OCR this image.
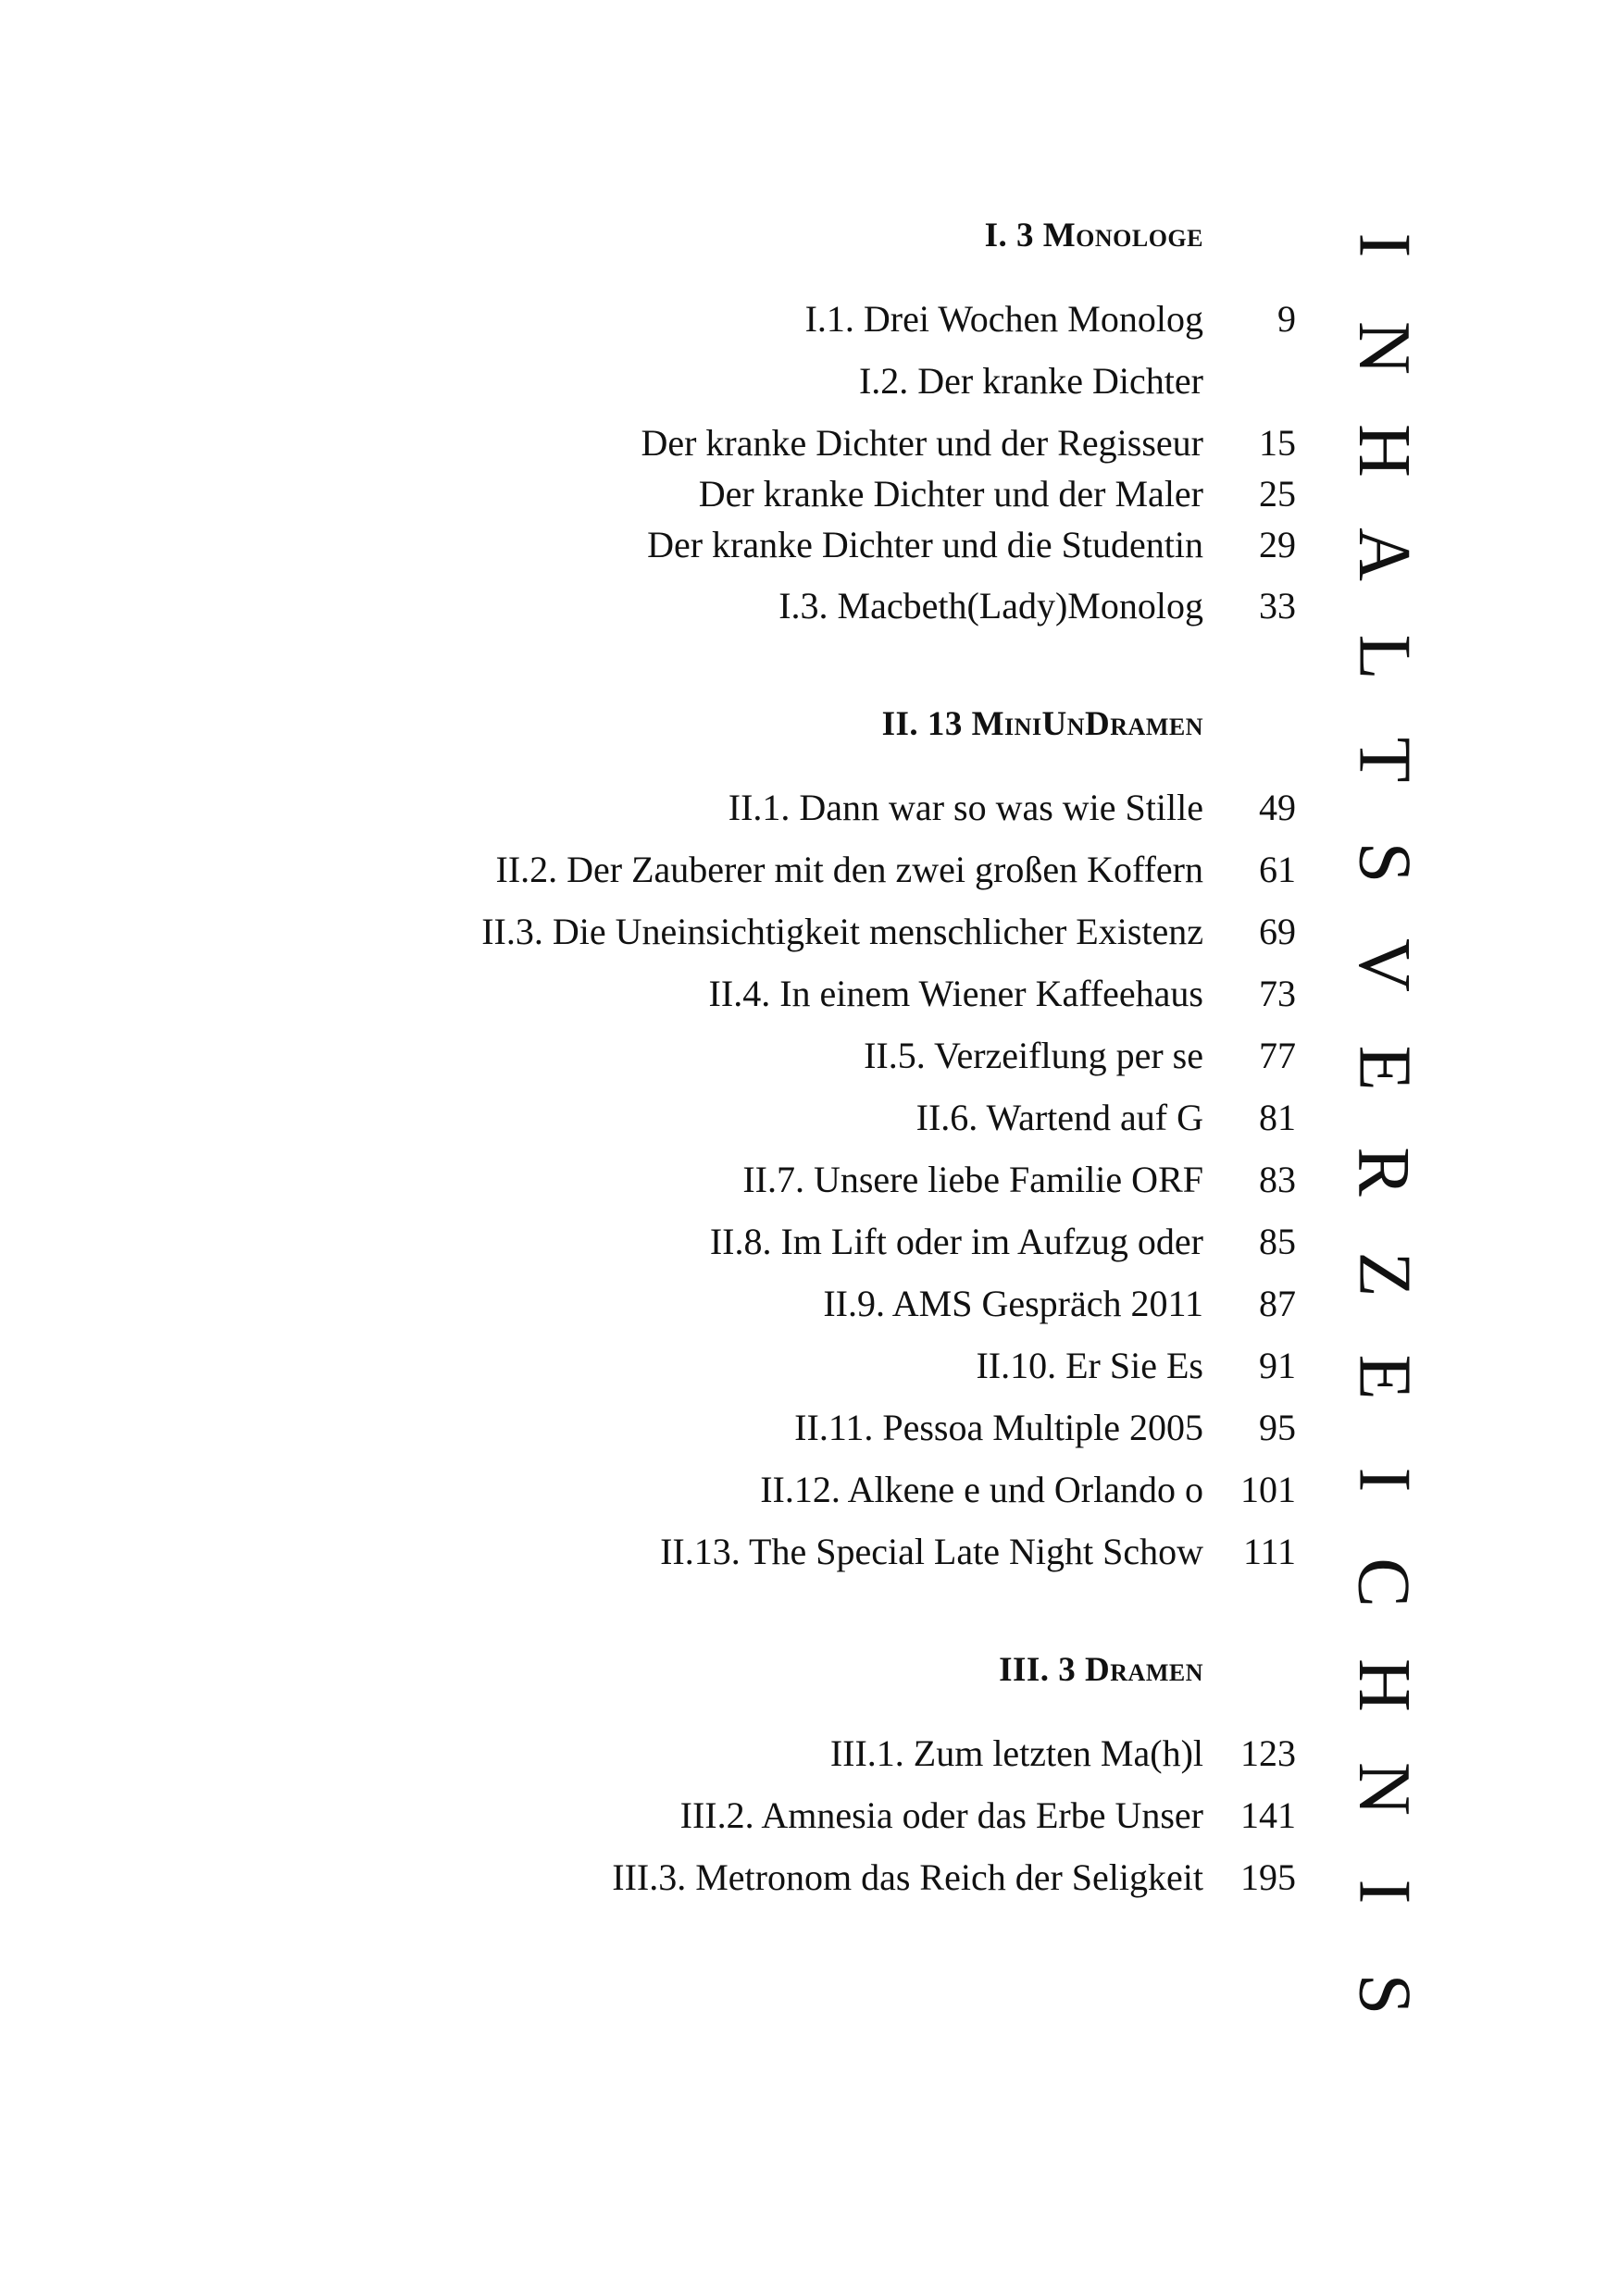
I. 3 Monologe
I.1. Drei Wochen Monolog 9
I.2. Der kranke Dichter
Der kranke Dichter und der Regisseur 15
Der kranke Dichter und der Maler 25
Der kranke Dichter und die Studentin 29
I.3. Macbeth(Lady)Monolog 33
II. 13 MiniUnDramen
II.1. Dann war so was wie Stille 49
II.2. Der Zauberer mit den zwei großen Koffern 61
II.3. Die Uneinsichtigkeit menschlicher Existenz 69
II.4. In einem Wiener Kaffeehaus 73
II.5. Verzeiflung per se 77
II.6. Wartend auf G 81
II.7. Unsere liebe Familie ORF 83
II.8. Im Lift oder im Aufzug oder 85
II.9. AMS Gespräch 2011 87
II.10. Er Sie Es 91
II.11. Pessoa Multiple 2005 95
II.12. Alkene e und Orlando o 101
II.13. The Special Late Night Schow 111
III. 3 Dramen
III.1. Zum letzten Ma(h)l 123
III.2. Amnesia oder das Erbe Unser 141
III.3. Metronom das Reich der Seligkeit 195
I
N
H
A
L
T
S
V
E
R
Z
E
I
C
H
N
I
S
